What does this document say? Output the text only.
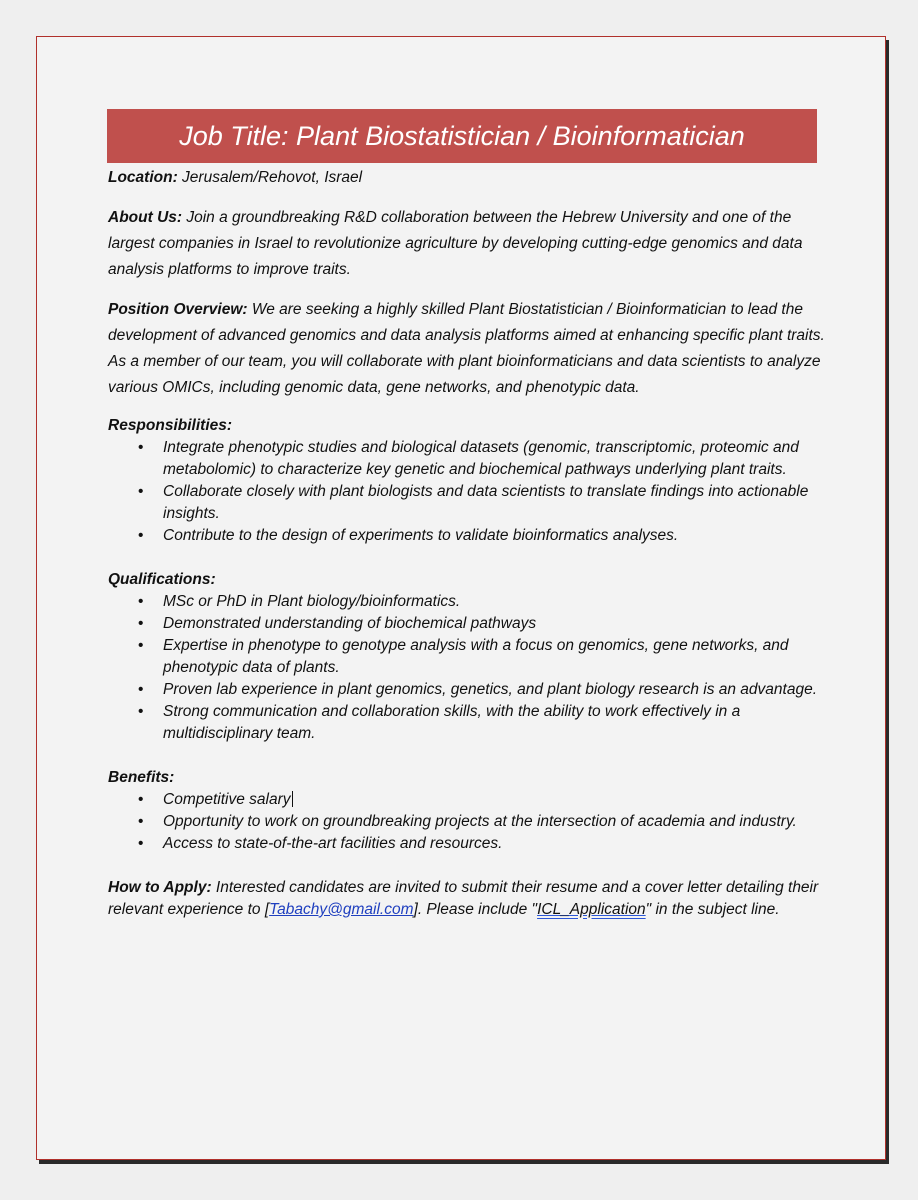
Job Title: Plant Biostatistician / Bioinformatician

Location: Jerusalem/Rehovot, Israel

About Us: Join a groundbreaking R&D collaboration between the Hebrew University and one of the largest companies in Israel to revolutionize agriculture by developing cutting-edge genomics and data analysis platforms to improve traits.

Position Overview: We are seeking a highly skilled Plant Biostatistician / Bioinformatician to lead the development of advanced genomics and data analysis platforms aimed at enhancing specific plant traits. As a member of our team, you will collaborate with plant bioinformaticians and data scientists to analyze various OMICs, including genomic data, gene networks, and phenotypic data.

Responsibilities:

• Integrate phenotypic studies and biological datasets (genomic, transcriptomic, proteomic and metabolomic) to characterize key genetic and biochemical pathways underlying plant traits.
• Collaborate closely with plant biologists and data scientists to translate findings into actionable insights.
• Contribute to the design of experiments to validate bioinformatics analyses.

Qualifications:

• MSc or PhD in Plant biology/bioinformatics.
• Demonstrated understanding of biochemical pathways
• Expertise in phenotype to genotype analysis with a focus on genomics, gene networks, and phenotypic data of plants.
• Proven lab experience in plant genomics, genetics, and plant biology research is an advantage.
• Strong communication and collaboration skills, with the ability to work effectively in a multidisciplinary team.

Benefits:

• Competitive salary
• Opportunity to work on groundbreaking projects at the intersection of academia and industry.
• Access to state-of-the-art facilities and resources.

How to Apply: Interested candidates are invited to submit their resume and a cover letter detailing their relevant experience to [Tabachy@gmail.com]. Please include "ICL_Application" in the subject line.
